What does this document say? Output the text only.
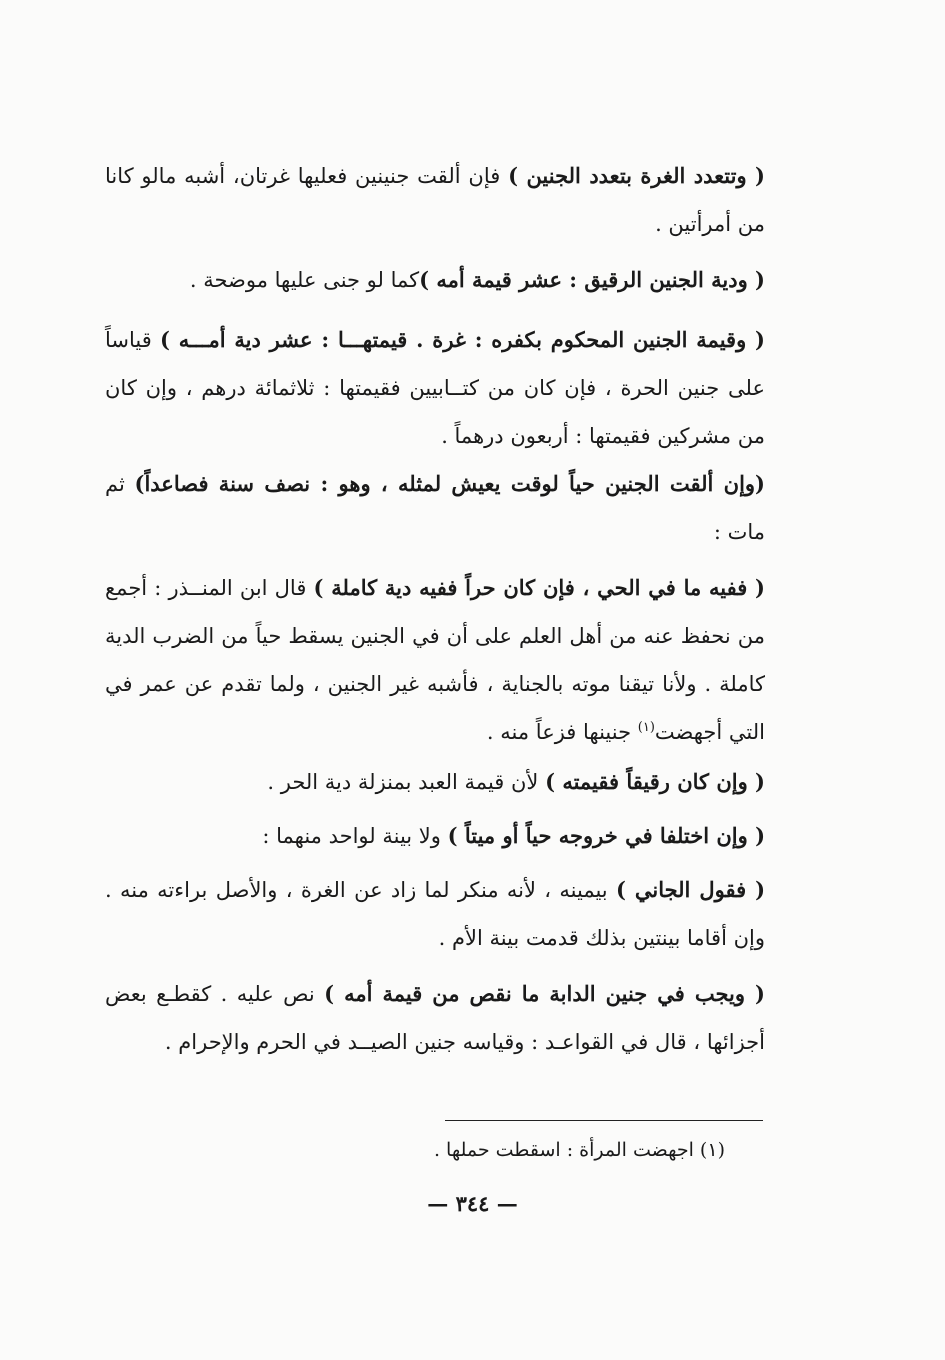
( وتتعدد الغرة بتعدد الجنين ) فإن ألقت جنينين فعليها غرتان، أشبه مالو كانا من أمرأتين .

( ودية الجنين الرقيق : عشر قيمة أمه )كما لو جنى عليها موضحة .

( وقيمة الجنين المحكوم بكفره : غرة . قيمتهـــا : عشر دية أمـــه ) قياساً على جنين الحرة ، فإن كان من كتــابيين فقيمتها : ثلاثمائة درهم ، وإن كان من مشركين فقيمتها : أربعون درهماً .

(وإن ألقت الجنين حياً لوقت يعيش لمثله ، وهو : نصف سنة فصاعداً) ثم مات :

( ففيه ما في الحي ، فإن كان حراً ففيه دية كاملة ) قال ابن المنــذر : أجمع من نحفظ عنه من أهل العلم على أن في الجنين يسقط حياً من الضرب الدية كاملة . ولأنا تيقنا موته بالجناية ، فأشبه غير الجنين ، ولما تقدم عن عمر في التي أجهضت$^{(١)}$ جنينها فزعاً منه .

( وإن كان رقيقاً فقيمته ) لأن قيمة العبد بمنزلة دية الحر .

( وإن اختلفا في خروجه حياً أو ميتاً ) ولا بينة لواحد منهما :

( فقول الجاني ) بيمينه ، لأنه منكر لما زاد عن الغرة ، والأصل براءته منه . وإن أقاما بينتين بذلك قدمت بينة الأم .

( ويجب في جنين الدابة ما نقص من قيمة أمه ) نص عليه . كقطـع بعض أجزائها ، قال في القواعـد : وقياسه جنين الصيــد في الحرم والإحرام .

(١) اجهضت المرأة : اسقطت حملها .
— ٣٤٤ —
